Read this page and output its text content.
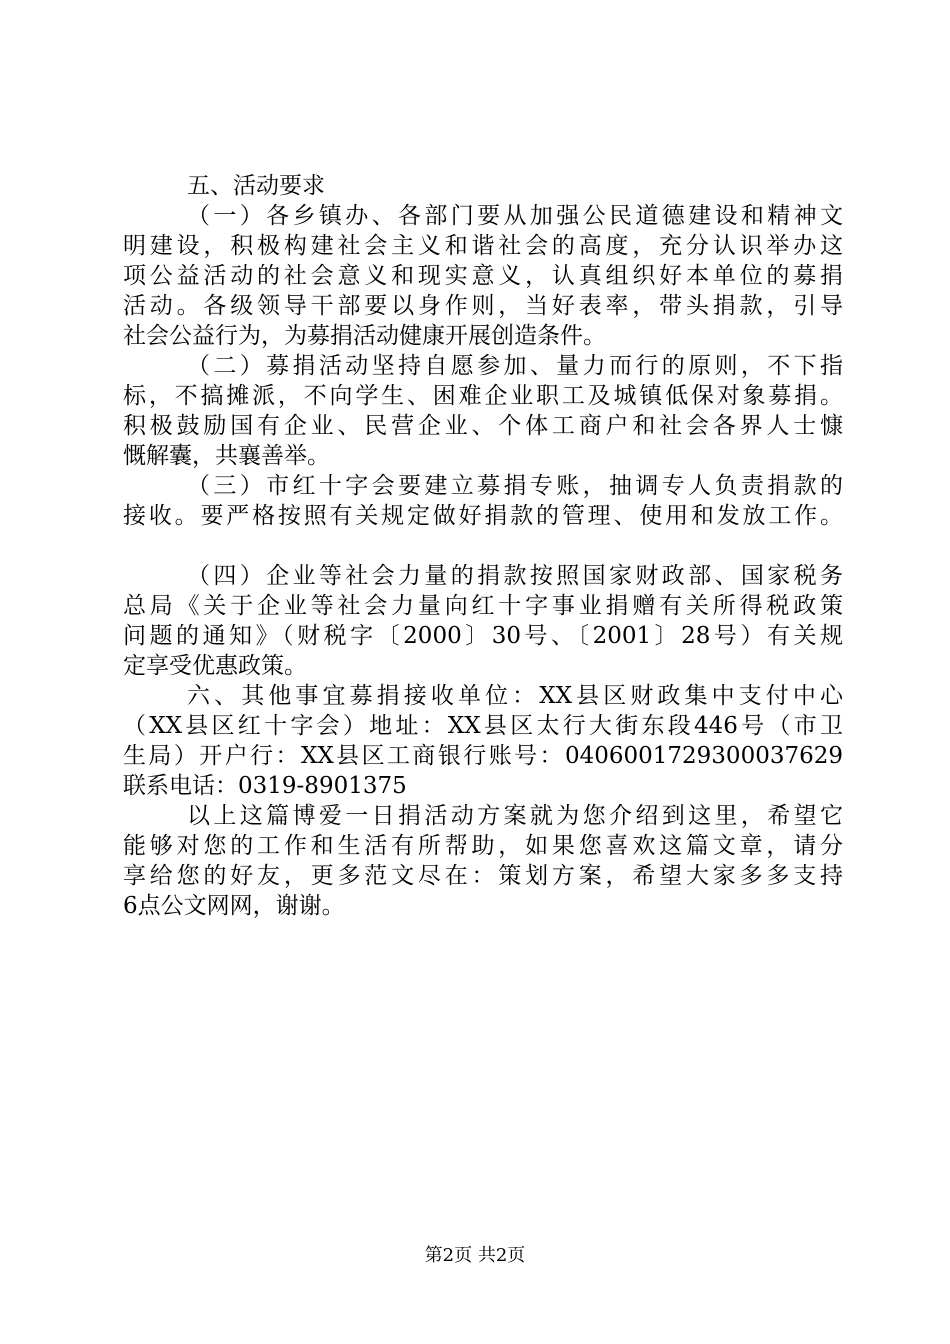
五、活动要求
（一）各乡镇办、各部门要从加强公民道德建设和精神文
明建设，积极构建社会主义和谐社会的高度，充分认识举办这
项公益活动的社会意义和现实意义，认真组织好本单位的募捐
活动。各级领导干部要以身作则，当好表率，带头捐款，引导
社会公益行为，为募捐活动健康开展创造条件。
（二）募捐活动坚持自愿参加、量力而行的原则，不下指
标，不搞摊派，不向学生、困难企业职工及城镇低保对象募捐。
积极鼓励国有企业、民营企业、个体工商户和社会各界人士慷
慨解囊，共襄善举。
（三）市红十字会要建立募捐专账，抽调专人负责捐款的
接收。要严格按照有关规定做好捐款的管理、使用和发放工作。
（四）企业等社会力量的捐款按照国家财政部、国家税务
总局《关于企业等社会力量向红十字事业捐赠有关所得税政策
问题的通知》（财税字〔2000〕30号、〔2001〕28号）有关规
定享受优惠政策。
六、其他事宜募捐接收单位：XX县区财政集中支付中心
（XX县区红十字会）地址：XX县区太行大街东段446号（市卫
生局）开户行：XX县区工商银行账号：0406001729300037629
联系电话：0319-8901375
以上这篇博爱一日捐活动方案就为您介绍到这里，希望它
能够对您的工作和生活有所帮助，如果您喜欢这篇文章，请分
享给您的好友，更多范文尽在：策划方案，希望大家多多支持
6点公文网网，谢谢。
第2页 共2页
